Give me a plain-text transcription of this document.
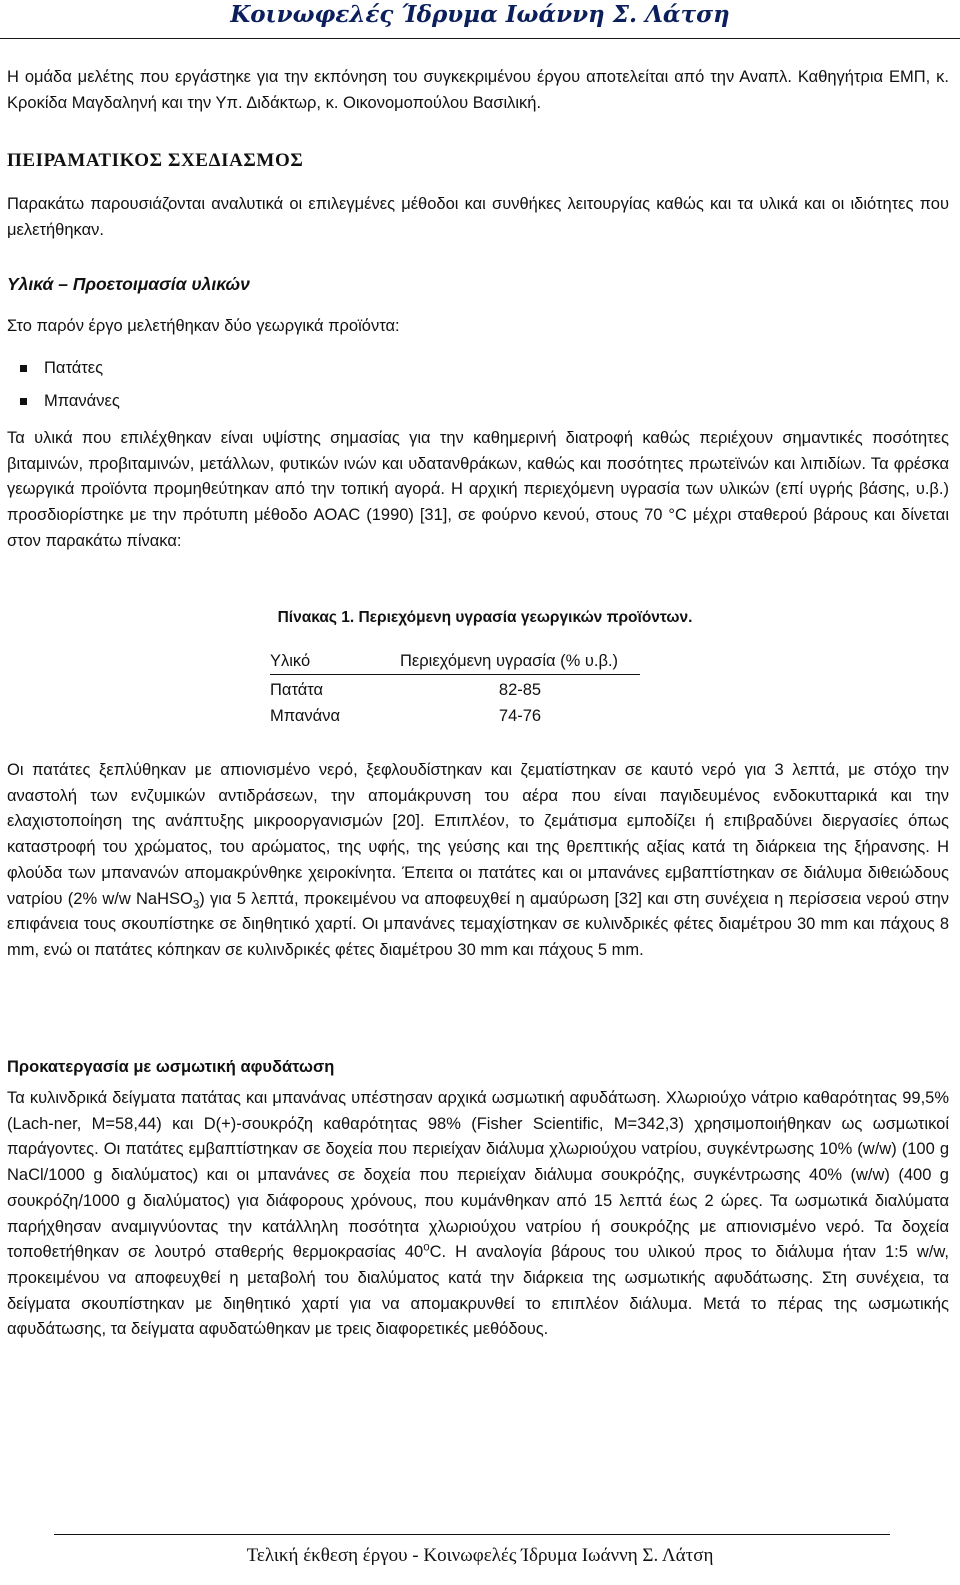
Κοινωφελές Ίδρυμα Ιωάννη Σ. Λάτση

Η ομάδα μελέτης που εργάστηκε για την εκπόνηση του συγκεκριμένου έργου αποτελείται από την Αναπλ. Καθηγήτρια ΕΜΠ, κ. Κροκίδα Μαγδαληνή και την Υπ. Διδάκτωρ, κ. Οικονομοπούλου Βασιλική.

ΠΕΙΡΑΜΑΤΙΚΟΣ ΣΧΕΔΙΑΣΜΟΣ

Παρακάτω παρουσιάζονται αναλυτικά οι επιλεγμένες μέθοδοι και συνθήκες λειτουργίας καθώς και τα υλικά και οι ιδιότητες που μελετήθηκαν.

Υλικά – Προετοιμασία υλικών

Στο παρόν έργο μελετήθηκαν δύο γεωργικά προϊόντα:

Πατάτες
Μπανάνες

Τα υλικά που επιλέχθηκαν είναι υψίστης σημασίας για την καθημερινή διατροφή καθώς περιέχουν σημαντικές ποσότητες βιταμινών, προβιταμινών, μετάλλων, φυτικών ινών και υδατανθράκων, καθώς και ποσότητες πρωτεϊνών και λιπιδίων. Τα φρέσκα γεωργικά προϊόντα προμηθεύτηκαν από την τοπική αγορά. Η αρχική περιεχόμενη υγρασία των υλικών (επί υγρής βάσης, υ.β.) προσδιορίστηκε με την πρότυπη μέθοδο AOAC (1990) [31], σε φούρνο κενού, στους 70 °C μέχρι σταθερού βάρους και δίνεται στον παρακάτω πίνακα:

Πίνακας 1. Περιεχόμενη υγρασία γεωργικών προϊόντων.

Υλικό	Περιεχόμενη υγρασία (% υ.β.)
Πατάτα	82-85
Μπανάνα	74-76

Οι πατάτες ξεπλύθηκαν με απιονισμένο νερό, ξεφλουδίστηκαν και ζεματίστηκαν σε καυτό νερό για 3 λεπτά, με στόχο την αναστολή των ενζυμικών αντιδράσεων, την απομάκρυνση του αέρα που είναι παγιδευμένος ενδοκυτταρικά και την ελαχιστοποίηση της ανάπτυξης μικροοργανισμών [20]. Επιπλέον, το ζεμάτισμα εμποδίζει ή επιβραδύνει διεργασίες όπως καταστροφή του χρώματος, του αρώματος, της υφής, της γεύσης και της θρεπτικής αξίας κατά τη διάρκεια της ξήρανσης. Η φλούδα των μπανανών απομακρύνθηκε χειροκίνητα. Έπειτα οι πατάτες και οι μπανάνες εμβαπτίστηκαν σε διάλυμα διθειώδους νατρίου (2% w/w NaHSO$_3$) για 5 λεπτά, προκειμένου να αποφευχθεί η αμαύρωση [32] και στη συνέχεια η περίσσεια νερού στην επιφάνεια τους σκουπίστηκε σε διηθητικό χαρτί. Οι μπανάνες τεμαχίστηκαν σε κυλινδρικές φέτες διαμέτρου 30 mm και πάχους 8 mm, ενώ οι πατάτες κόπηκαν σε κυλινδρικές φέτες διαμέτρου 30 mm και πάχους 5 mm.

Προκατεργασία με ωσμωτική αφυδάτωση

Τα κυλινδρικά δείγματα πατάτας και μπανάνας υπέστησαν αρχικά ωσμωτική αφυδάτωση. Χλωριούχο νάτριο καθαρότητας 99,5% (Lach-ner, M=58,44) και D(+)-σουκρόζη καθαρότητας 98% (Fisher Scientific, M=342,3) χρησιμοποιήθηκαν ως ωσμωτικοί παράγοντες. Οι πατάτες εμβαπτίστηκαν σε δοχεία που περιείχαν διάλυμα χλωριούχου νατρίου, συγκέντρωσης 10% (w/w) (100 g NaCl/1000 g διαλύματος) και οι μπανάνες σε δοχεία που περιείχαν διάλυμα σουκρόζης, συγκέντρωσης 40% (w/w) (400 g σουκρόζη/1000 g διαλύματος) για διάφορους χρόνους, που κυμάνθηκαν από 15 λεπτά έως 2 ώρες. Τα ωσμωτικά διαλύματα παρήχθησαν αναμιγνύοντας την κατάλληλη ποσότητα χλωριούχου νατρίου ή σουκρόζης με απιονισμένο νερό. Τα δοχεία τοποθετήθηκαν σε λουτρό σταθερής θερμοκρασίας 40$^o$C. Η αναλογία βάρους του υλικού προς το διάλυμα ήταν 1:5 w/w, προκειμένου να αποφευχθεί η μεταβολή του διαλύματος κατά την διάρκεια της ωσμωτικής αφυδάτωσης. Στη συνέχεια, τα δείγματα σκουπίστηκαν με διηθητικό χαρτί για να απομακρυνθεί το επιπλέον διάλυμα. Μετά το πέρας της ωσμωτικής αφυδάτωσης, τα δείγματα αφυδατώθηκαν με τρεις διαφορετικές μεθόδους.

Τελική έκθεση έργου - Κοινωφελές Ίδρυμα Ιωάννη Σ. Λάτση
